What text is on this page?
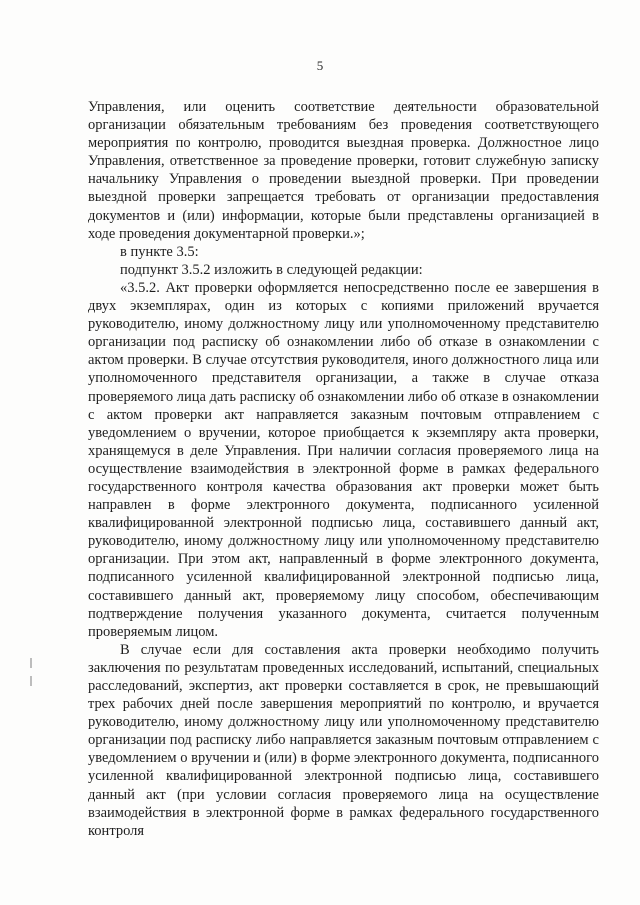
5

Управления, или оценить соответствие деятельности образовательной организации обязательным требованиям без проведения соответствующего мероприятия по контролю, проводится выездная проверка. Должностное лицо Управления, ответственное за проведение проверки, готовит служебную записку начальнику Управления о проведении выездной проверки. При проведении выездной проверки запрещается требовать от организации предоставления документов и (или) информации, которые были представлены организацией в ходе проведения документарной проверки.»;

в пункте 3.5:

подпункт 3.5.2 изложить в следующей редакции:

«3.5.2. Акт проверки оформляется непосредственно после ее завершения в двух экземплярах, один из которых с копиями приложений вручается руководителю, иному должностному лицу или уполномоченному представителю организации под расписку об ознакомлении либо об отказе в ознакомлении с актом проверки. В случае отсутствия руководителя, иного должностного лица или уполномоченного представителя организации, а также в случае отказа проверяемого лица дать расписку об ознакомлении либо об отказе в ознакомлении с актом проверки акт направляется заказным почтовым отправлением с уведомлением о вручении, которое приобщается к экземпляру акта проверки, хранящемуся в деле Управления. При наличии согласия проверяемого лица на осуществление взаимодействия в электронной форме в рамках федерального государственного контроля качества образования акт проверки может быть направлен в форме электронного документа, подписанного усиленной квалифицированной электронной подписью лица, составившего данный акт, руководителю, иному должностному лицу или уполномоченному представителю организации. При этом акт, направленный в форме электронного документа, подписанного усиленной квалифицированной электронной подписью лица, составившего данный акт, проверяемому лицу способом, обеспечивающим подтверждение получения указанного документа, считается полученным проверяемым лицом.

В случае если для составления акта проверки необходимо получить заключения по результатам проведенных исследований, испытаний, специальных расследований, экспертиз, акт проверки составляется в срок, не превышающий трех рабочих дней после завершения мероприятий по контролю, и вручается руководителю, иному должностному лицу или уполномоченному представителю организации под расписку либо направляется заказным почтовым отправлением с уведомлением о вручении и (или) в форме электронного документа, подписанного усиленной квалифицированной электронной подписью лица, составившего данный акт (при условии согласия проверяемого лица на осуществление взаимодействия в электронной форме в рамках федерального государственного контроля
